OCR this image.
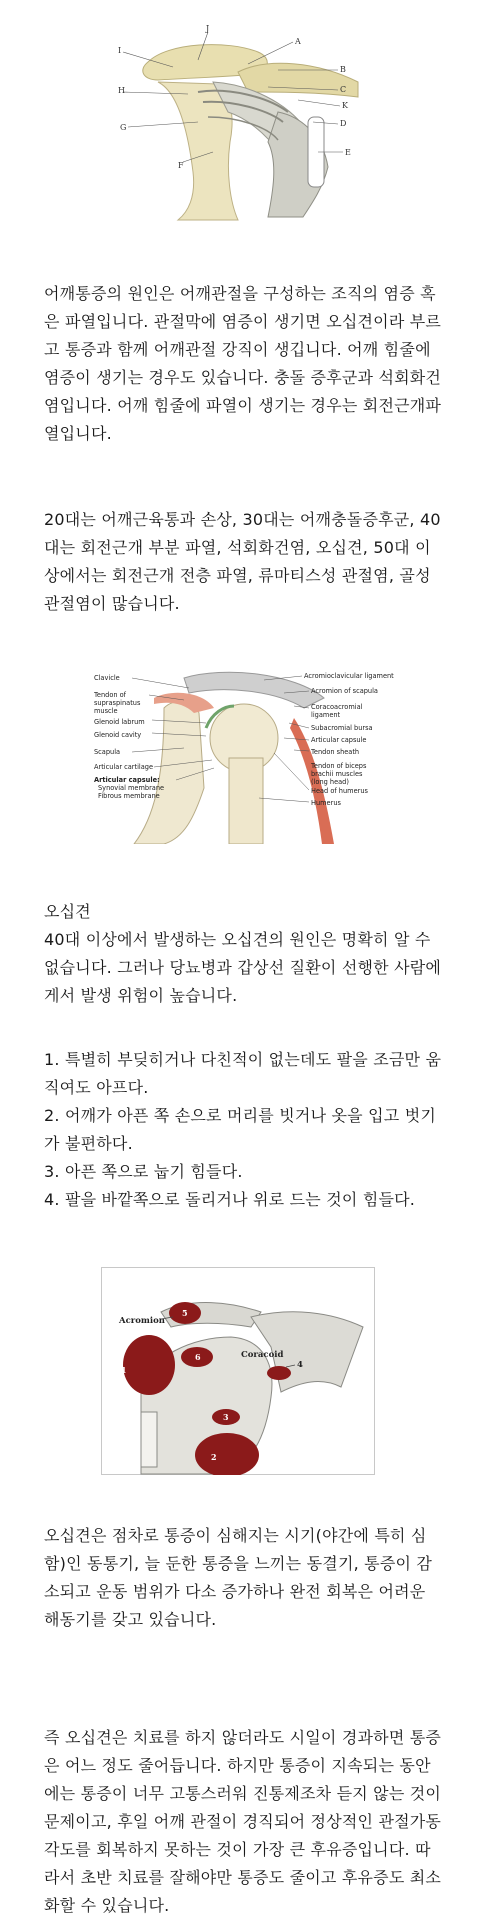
J
A
I
B
H	C
K
G	D
F
E

어깨통증의 원인은 어깨관절을 구성하는 조직의 염증 혹은 파열입니다. 관절막에 염증이 생기면 오십견이라 부르고 통증과 함께 어깨관절 강직이 생깁니다. 어깨 힘줄에 염증이 생기는 경우도 있습니다. 충돌 증후군과 석회화건염입니다. 어깨 힘줄에 파열이 생기는 경우는 회전근개파열입니다.

20대는 어깨근육통과 손상, 30대는 어깨충돌증후군, 40대는 회전근개 부분 파열, 석회화건염, 오십견, 50대 이상에서는 회전근개 전층 파열, 류마티스성 관절염, 골성관절염이 많습니다.

Clavicle
Tendon of
supraspinatus
muscle
Glenoid labrum
Glenoid cavity
Scapula
Articular cartilage
Articular capsule:
Synovial membrane
Fibrous membrane
Acromioclavicular ligament
Acromion of scapula
Coracoacromial
ligament
Subacromial bursa
Articular capsule
Tendon sheath
Tendon of biceps
brachii muscles
(long head)
Head of humerus
Humerus

오십견

40대 이상에서 발생하는 오십견의 원인은 명확히 알 수 없습니다. 그러나 당뇨병과 갑상선 질환이 선행한 사람에게서 발생 위험이 높습니다.

1. 특별히 부딪히거나 다친적이 없는데도 팔을 조금만 움직여도 아프다.

2. 어깨가 아픈 쪽 손으로 머리를 빗거나 옷을 입고 벗기가 불편하다.

3. 아픈 쪽으로 눕기 힘들다.

4. 팔을 바깥쪽으로 돌리거나 위로 드는 것이 힘들다.

5
1
6
3
2
Acromion
Coracoid
4

오십견은 점차로 통증이 심해지는 시기(야간에 특히 심함)인 동통기, 늘 둔한 통증을 느끼는 동결기, 통증이 감소되고 운동 범위가 다소 증가하나 완전 회복은 어려운 해동기를 갖고 있습니다.

즉 오십견은 치료를 하지 않더라도 시일이 경과하면 통증은 어느 정도 줄어듭니다. 하지만 통증이 지속되는 동안에는 통증이 너무 고통스러워 진통제조차 듣지 않는 것이 문제이고, 후일 어깨 관절이 경직되어 정상적인 관절가동각도를 회복하지 못하는 것이 가장 큰 후유증입니다. 따라서 초반 치료를 잘해야만 통증도 줄이고 후유증도 최소화할 수 있습니다.
